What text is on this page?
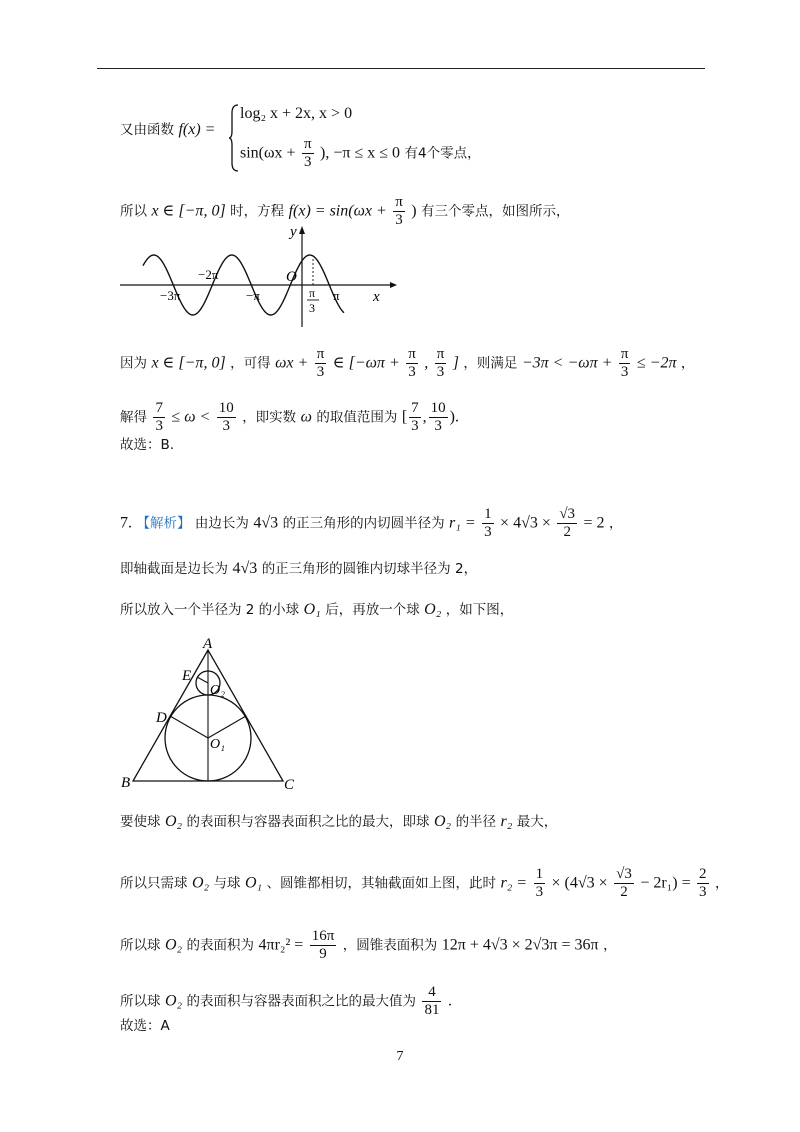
又由函数 f(x) =
log₂ x + 2x, x > 0
$\sin(\omega x + \frac{\pi}{3}$ ), −π ≤ x ≤ 0 有4个零点，
所以 x ∈ [−π, 0] 时，方程 $f(x) = \sin(\omega x + \frac{\pi}{3}$ ) 有三个零点，如图所示，
y
x
O
−3π
−2π
−π	π
3
π
因为 x ∈ [−π, 0] ，可得 $\omega x + \frac{\pi}{3}$ ∈ [$-\omega\pi + \frac{\pi}{3}$ , $\frac{\pi}{3}$ ] ，则满足 $-3\pi < -\omega\pi + \frac{\pi}{3} \le -2\pi$ ，
解得 $\frac{7}{3} \le \omega < \frac{10}{3}$ ，即实数 ω 的取值范围为 [ $\frac{7}{3}$ , $\frac{10}{3}$ ).
故选：B.
7. 【解析】 由边长为 4√3 的正三角形的内切圆半径为 $r_1 = \frac{1}{3} \times 4√3 \times \frac{√3}{2} = 2$ ，
即轴截面是边长为 4√3 的正三角形的圆锥内切球半径为 2，
所以放入一个半径为 2 的小球 O₁ 后，再放一个球 O₂ ，如下图，
A
B	C
D
E
O₁
O₂
要使球 O₂ 的表面积与容器表面积之比的最大，即球 O₂ 的半径 r₂ 最大，
所以只需球 O₂ 与球 O₁ 、圆锥都相切，其轴截面如上图，此时 $r_2 = \frac{1}{3} \times (4√3 \times \frac{√3}{2} - 2r_1) = \frac{2}{3}$ ，
所以球 O₂ 的表面积为 $4\pi r_2^2 = \frac{16\pi}{9}$ ，圆锥表面积为 12π + 4√3 × 2√3π = 36π ，
所以球 O₂ 的表面积与容器表面积之比的最大值为 $\frac{4}{81}$ .
故选：A
7
